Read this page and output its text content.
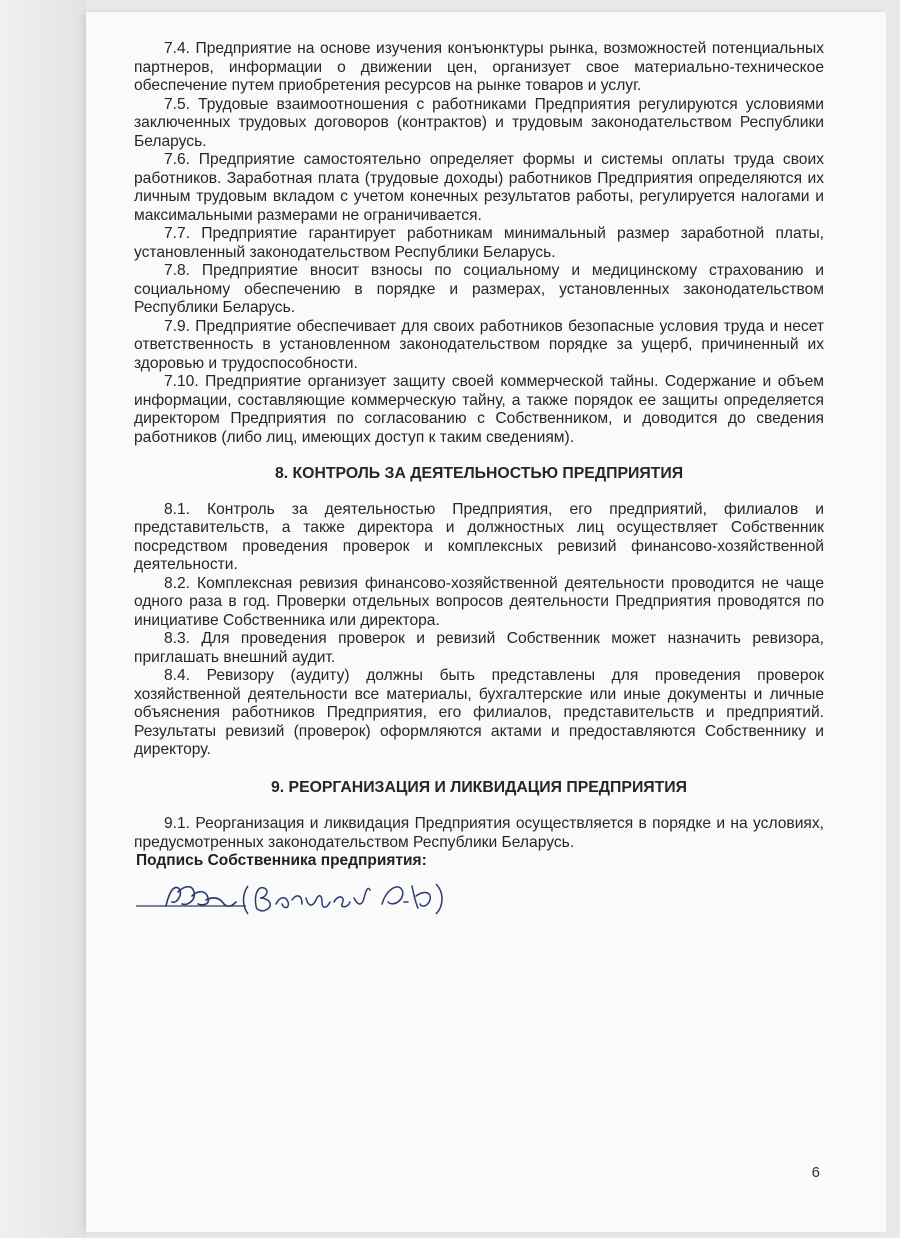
7.4. Предприятие на основе изучения конъюнктуры рынка, возможностей потенциальных партнеров, информации о движении цен, организует свое материально-техническое обеспечение путем приобретения ресурсов на рынке товаров и услуг.

7.5. Трудовые взаимоотношения с работниками Предприятия регулируются условиями заключенных трудовых договоров (контрактов) и трудовым законодательством Республики Беларусь.

7.6. Предприятие самостоятельно определяет формы и системы оплаты труда своих работников. Заработная плата (трудовые доходы) работников Предприятия определяются их личным трудовым вкладом с учетом конечных результатов работы, регулируется налогами и максимальными размерами не ограничивается.

7.7. Предприятие гарантирует работникам минимальный размер заработной платы, установленный законодательством Республики Беларусь.

7.8. Предприятие вносит взносы по социальному и медицинскому страхованию и социальному обеспечению в порядке и размерах, установленных законодательством Республики Беларусь.

7.9. Предприятие обеспечивает для своих работников безопасные условия труда и несет ответственность в установленном законодательством порядке за ущерб, причиненный их здоровью и трудоспособности.

7.10. Предприятие организует защиту своей коммерческой тайны. Содержание и объем информации, составляющие коммерческую тайну, а также порядок ее защиты определяется директором Предприятия по согласованию с Собственником, и доводится до сведения работников (либо лиц, имеющих доступ к таким сведениям).

8. КОНТРОЛЬ ЗА ДЕЯТЕЛЬНОСТЬЮ ПРЕДПРИЯТИЯ

8.1. Контроль за деятельностью Предприятия, его предприятий, филиалов и представительств, а также директора и должностных лиц осуществляет Собственник посредством проведения проверок и комплексных ревизий финансово-хозяйственной деятельности.

8.2. Комплексная ревизия финансово-хозяйственной деятельности проводится не чаще одного раза в год. Проверки отдельных вопросов деятельности Предприятия проводятся по инициативе Собственника или директора.

8.3. Для проведения проверок и ревизий Собственник может назначить ревизора, приглашать внешний аудит.

8.4. Ревизору (аудиту) должны быть представлены для проведения проверок хозяйственной деятельности все материалы, бухгалтерские или иные документы и личные объяснения работников Предприятия, его филиалов, представительств и предприятий. Результаты ревизий (проверок) оформляются актами и предоставляются Собственнику и директору.

9. РЕОРГАНИЗАЦИЯ И ЛИКВИДАЦИЯ ПРЕДПРИЯТИЯ

9.1. Реорганизация и ликвидация Предприятия осуществляется в порядке и на условиях, предусмотренных законодательством Республики Беларусь.

Подпись Собственника предприятия:
6
